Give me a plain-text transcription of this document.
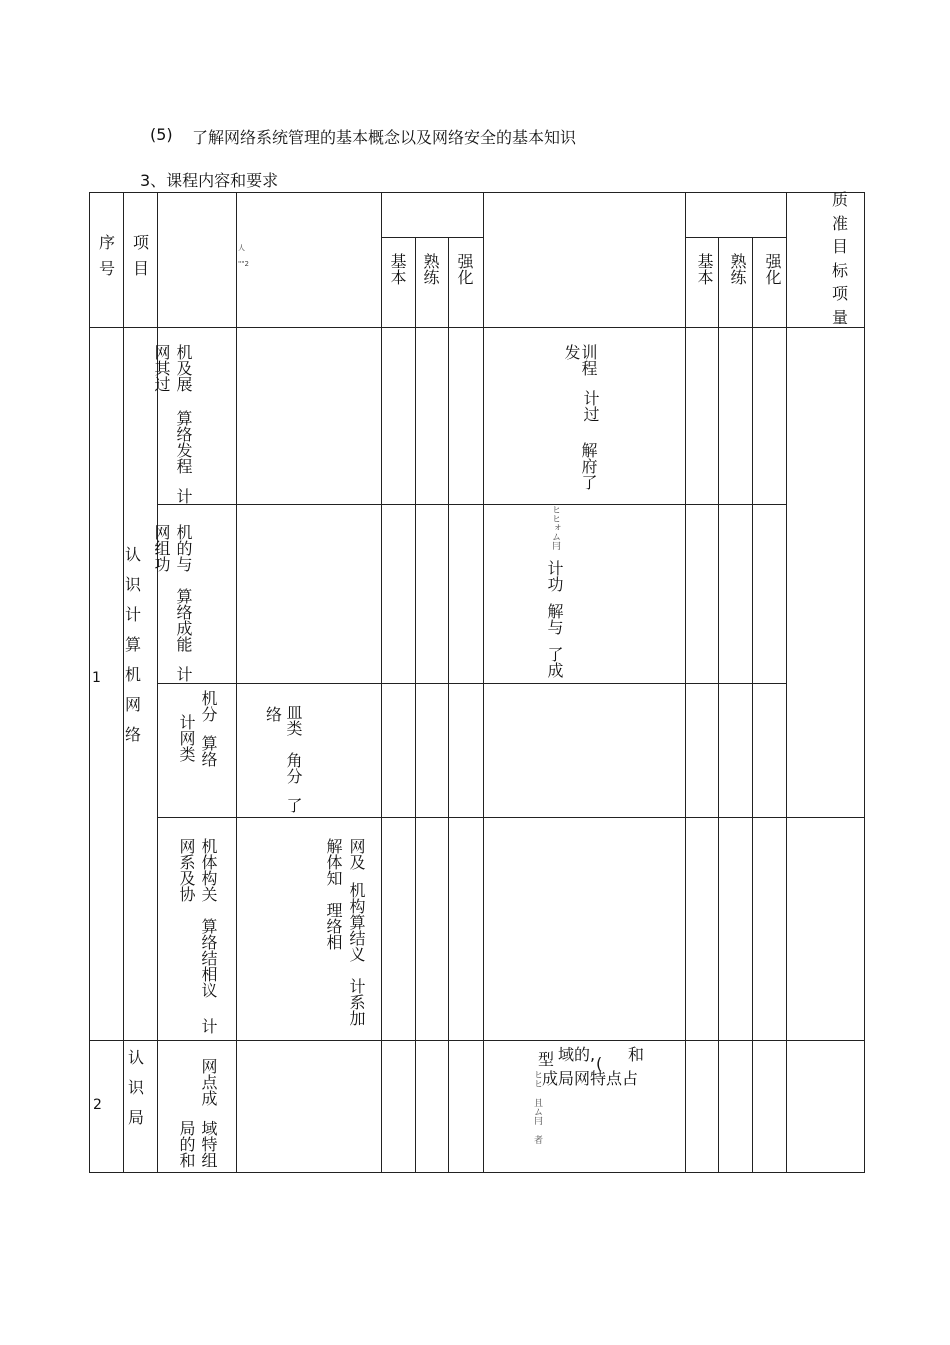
(5) 了解网络系统管理的基本概念以及网络安全的基本知识
3、课程内容和要求
序号
项目
人
""2	基本 熟练 强化	基本 熟练 强化
质准目标项量
1
认识计算机网络
网其过 机及展
算络发程
计
发
训程
计过
解府了
网组功 机的与
算络成能
计
ヒヒォム冃
计功
解与
了成
机分
计网类 算络
络 皿类
角分
了
网系及协 机体构关
算络结相议
计
解体知
理络相
网及
机构算结义
计系加
2
认识局
网点成
局的和 域特组
型 域的, 和
成局网特点占
(
ヒヒ 且ム冃 者
